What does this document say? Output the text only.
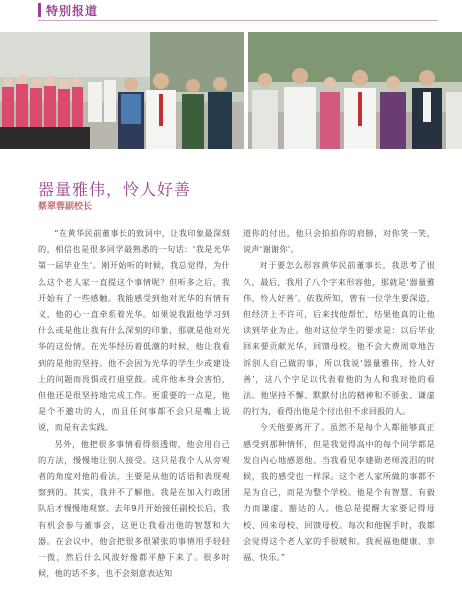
特别报道
器量雅伟，怜人好善
蔡翠蓉副校长

“在黄华民前董事长的致词中，让我印象最深刻的，相信也是很多同学最熟悉的一句话：‘我是光华第一届毕业生’。刚开始听的时候，我总觉得，为什么这个老人家一直提这个事情呢？但听多之后，我开始有了一些感触。我能感受到他对光华的有情有义，他的心一直牵系着光华。如果说我跟他学习到什么或是他让我有什么深刻的印象，那就是他对光华的这份情。在光华经历着低潮的时候，他让我看到的是他的坚持。他不会因为光华的学生少或建设上的问题而畏惧或打退堂鼓。或许他本身会害怕，但他还是很坚持地完成工作。更重要的一点是，他是个不邀功的人，而且任何事都不会只是嘴上说说，而是有去实践。

另外，他把很多事情看得很透彻，他会用自己的方法，慢慢地让别人接受。这只是我个人从旁观者的角度对他的看法，主要是从他的话语和表现观察到的。其实，我并不了解他。我是在加入行政团队后才慢慢地观察。去年9月开始接任副校长后，我有机会参与董事会，这更让我看出他的智慧和大器。在会议中，他会把很多很紧张的事情用手轻轻一拨，然后什么风波好像都平静下来了。很多时候，他的话不多，也不会刻意表达知

道你的付出，他只会拍拍你的肩膀，对你笑一笑，说声‘谢谢你’。

对于要怎么形容黄华民前董事长，我思考了很久，最后，我用了八个字来形容他，那就是‘器量雅伟，怜人好善’。依我所知，曾有一位学生要深造，但经济上不许可，后来找他帮忙，结果他真的让他读到毕业为止。他对这位学生的要求是：以后毕业回来要贡献光华，回馈母校。他不会大费周章地告诉别人自己做的事，所以我说‘器量雅伟，怜人好善’，这八个字足以代表着他的为人和我对他的看法。他坚持不懈、默默付出的精神和不骄张、谦虚的行为，看得出他是个付出但不求回报的人。

今天他要离开了。虽然不是每个人都能够真正感受到那种情怀，但是我觉得高中的每个同学都是发自内心地感恩他。当我看见李建勋老师流泪的时候，我的感受也一样深。这个老人家所做的事都不是为自己，而是为整个学校。他是个有智慧、有毅力而谦虚、豁达的人。他总是提醒大家要记得母校、回来母校、回馈母校。每次和他握手时，我都会觉得这个老人家的手很暖和。我祝福他健康、幸福、快乐。”
